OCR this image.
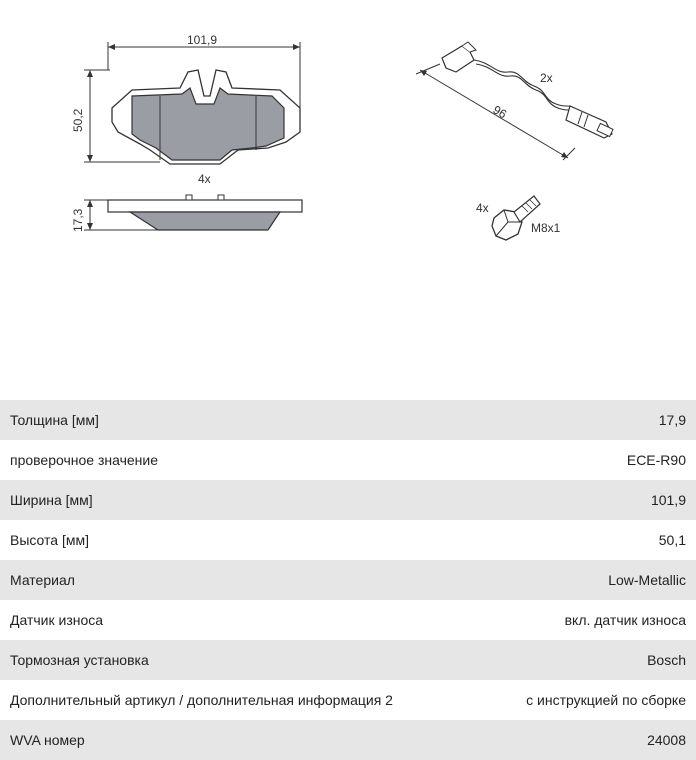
101,9
50,2
4x
17,3
96
2x
4x
M8x1
Толщина [мм]	17,9
проверочное значение	ECE-R90
Ширина [мм]	101,9
Высота [мм]	50,1
Материал	Low-Metallic
Датчик износа	вкл. датчик износа
Тормозная установка	Bosch
Дополнительный артикул / дополнительная информация 2	с инструкцией по сборке
WVA номер	24008
